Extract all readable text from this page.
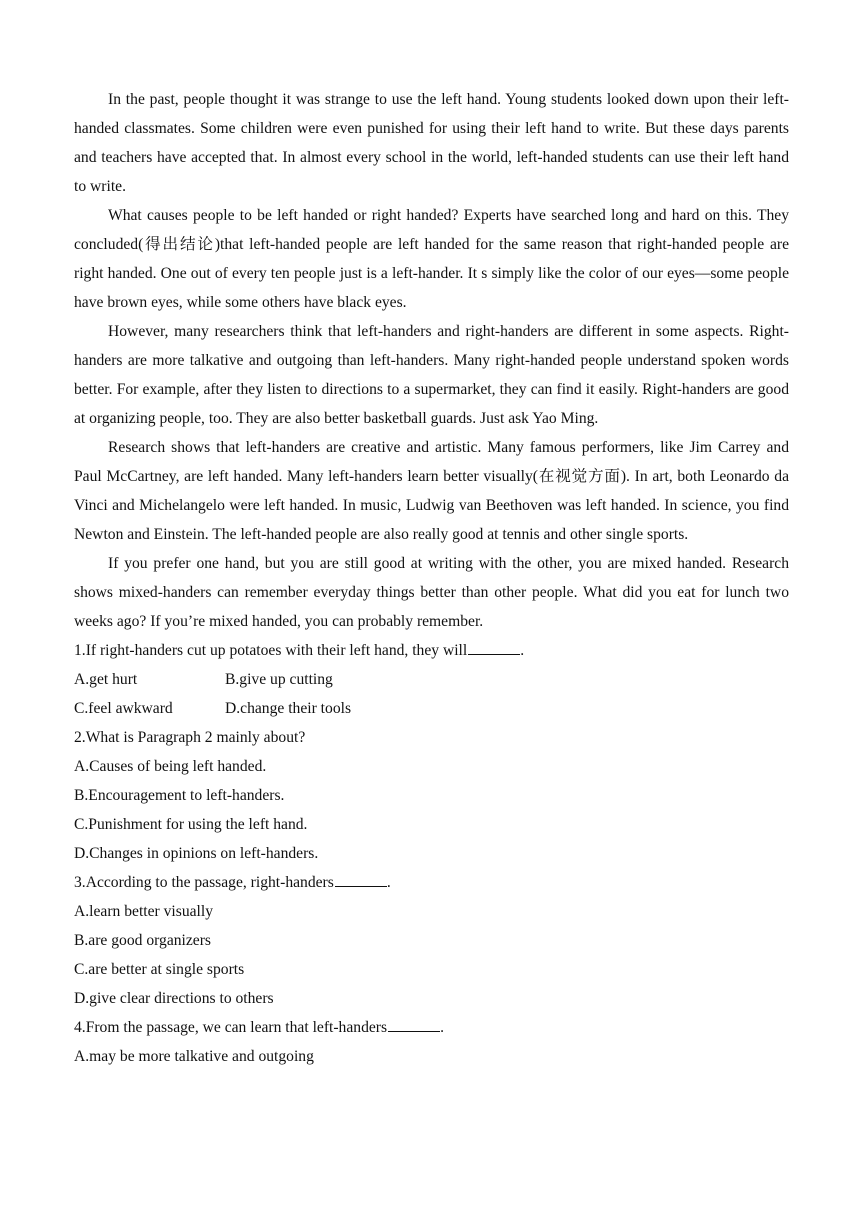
In the past, people thought it was strange to use the left hand. Young students looked down upon their left-handed classmates. Some children were even punished for using their left hand to write. But these days parents and teachers have accepted that. In almost every school in the world, left-handed students can use their left hand to write.

What causes people to be left handed or right handed? Experts have searched long and hard on this. They concluded(得出结论)that left-handed people are left handed for the same reason that right-handed people are right handed. One out of every ten people just is a left-hander. It s simply like the color of our eyes—some people have brown eyes, while some others have black eyes.

However, many researchers think that left-handers and right-handers are different in some aspects. Right-handers are more talkative and outgoing than left-handers. Many right-handed people understand spoken words better. For example, after they listen to directions to a supermarket, they can find it easily. Right-handers are good at organizing people, too. They are also better basketball guards. Just ask Yao Ming.

Research shows that left-handers are creative and artistic. Many famous performers, like Jim Carrey and Paul McCartney, are left handed. Many left-handers learn better visually(在视觉方面). In art, both Leonardo da Vinci and Michelangelo were left handed. In music, Ludwig van Beethoven was left handed. In science, you find Newton and Einstein. The left-handed people are also really good at tennis and other single sports.

If you prefer one hand, but you are still good at writing with the other, you are mixed handed. Research shows mixed-handers can remember everyday things better than other people. What did you eat for lunch two weeks ago? If you’re mixed handed, you can probably remember.

1.If right-handers cut up potatoes with their left hand, they will	.

A.get hurt	B.give up cutting

C.feel awkward	D.change their tools

2.What is Paragraph 2 mainly about?

A.Causes of being left handed.

B.Encouragement to left-handers.

C.Punishment for using the left hand.

D.Changes in opinions on left-handers.

3.According to the passage, right-handers	.

A.learn better visually

B.are good organizers

C.are better at single sports

D.give clear directions to others

4.From the passage, we can learn that left-handers	.

A.may be more talkative and outgoing
